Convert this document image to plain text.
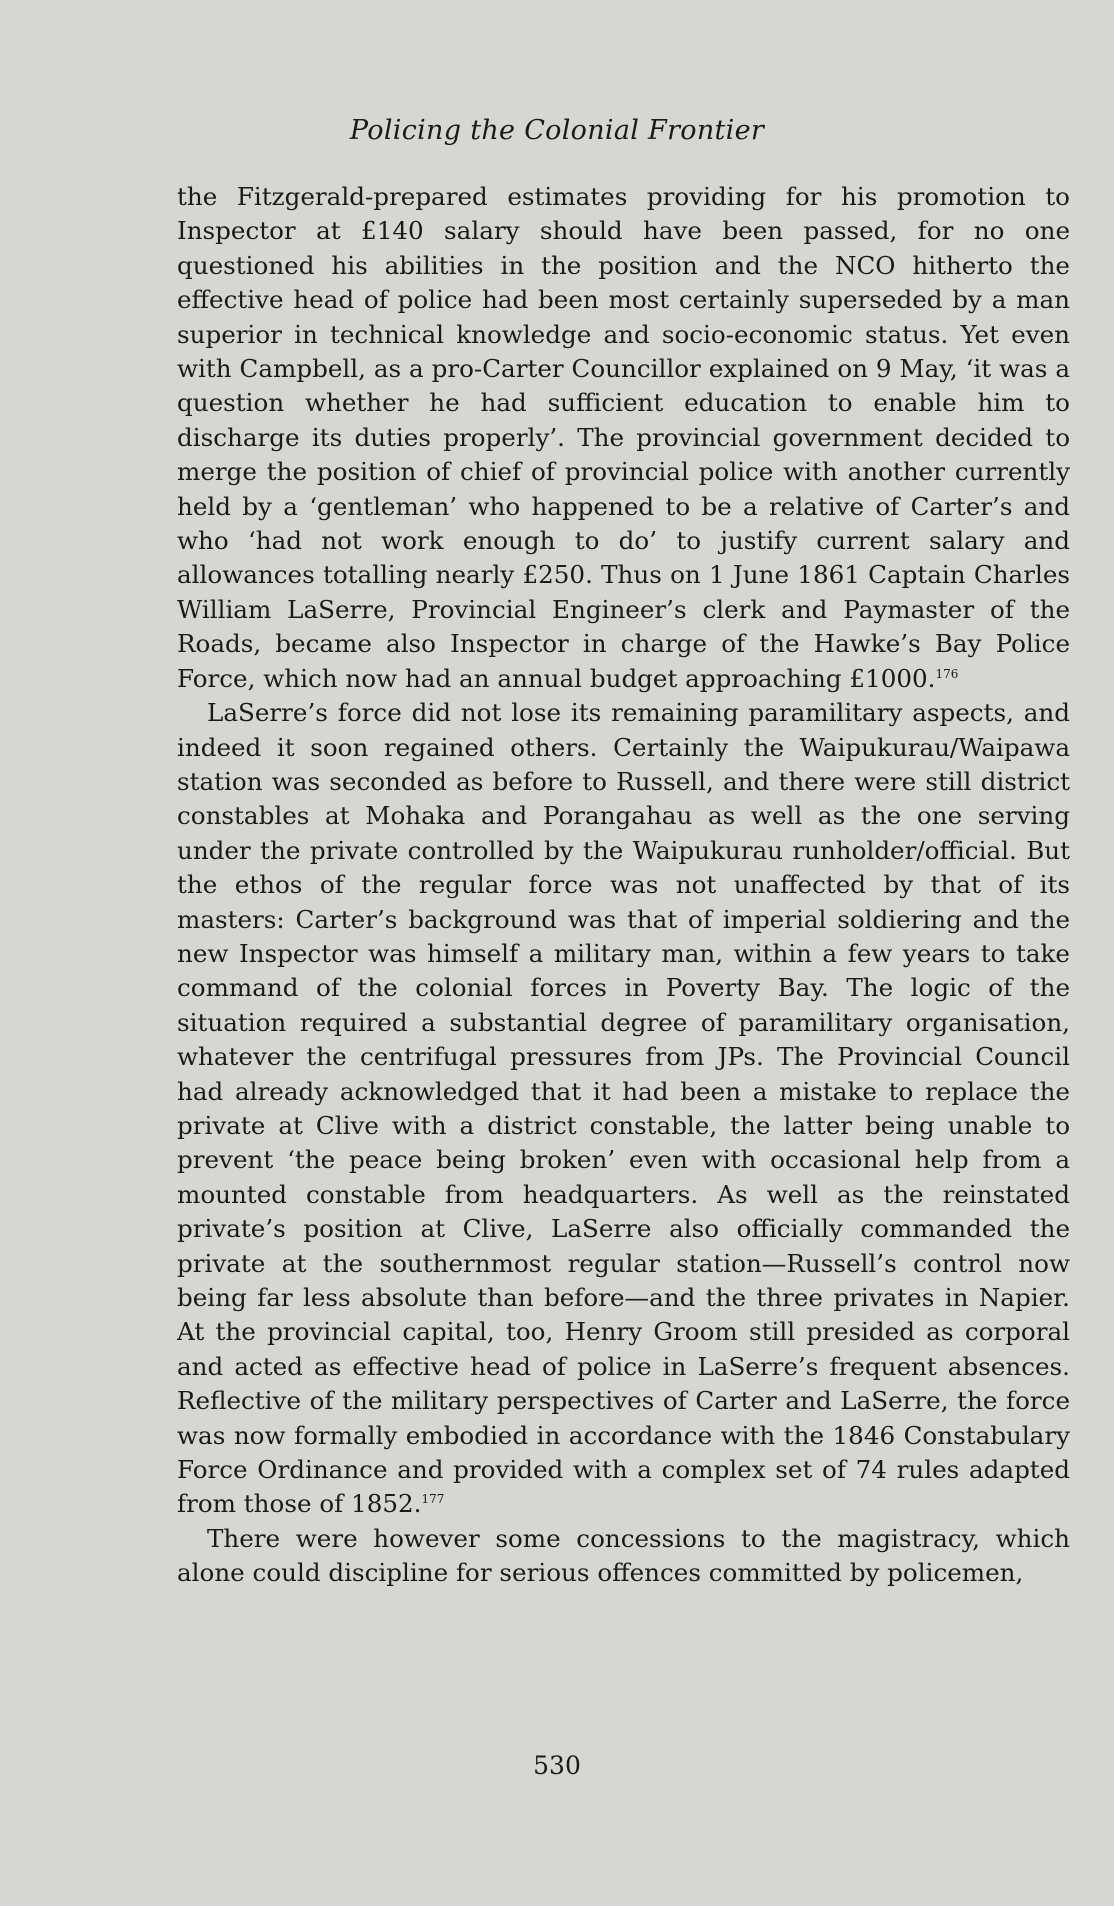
Policing the Colonial Frontier

the Fitzgerald-prepared estimates providing for his promotion to Inspector at £140 salary should have been passed, for no one questioned his abilities in the position and the NCO hitherto the effective head of police had been most certainly superseded by a man superior in technical knowledge and socio-economic status. Yet even with Campbell, as a pro-Carter Councillor explained on 9 May, ‘it was a question whether he had sufficient education to enable him to discharge its duties properly’. The provincial government decided to merge the position of chief of provincial police with another currently held by a ‘gentleman’ who happened to be a relative of Carter’s and who ‘had not work enough to do’ to justify current salary and allowances totalling nearly £250. Thus on 1 June 1861 Captain Charles William LaSerre, Provincial Engineer’s clerk and Paymaster of the Roads, became also Inspector in charge of the Hawke’s Bay Police Force, which now had an annual budget approaching £1000.$^{176}$

LaSerre’s force did not lose its remaining paramilitary aspects, and indeed it soon regained others. Certainly the Waipukurau/Waipawa station was seconded as before to Russell, and there were still district constables at Mohaka and Porangahau as well as the one serving under the private controlled by the Waipukurau runholder/official. But the ethos of the regular force was not unaffected by that of its masters: Carter’s background was that of imperial soldiering and the new Inspector was himself a military man, within a few years to take command of the colonial forces in Poverty Bay. The logic of the situation required a substantial degree of paramilitary organisation, whatever the centrifugal pressures from JPs. The Provincial Council had already acknowledged that it had been a mistake to replace the private at Clive with a district constable, the latter being unable to prevent ‘the peace being broken’ even with occasional help from a mounted constable from headquarters. As well as the reinstated private’s position at Clive, LaSerre also officially commanded the private at the southernmost regular station—Russell’s control now being far less absolute than before—and the three privates in Napier. At the provincial capital, too, Henry Groom still presided as corporal and acted as effective head of police in LaSerre’s frequent absences. Reflective of the military perspectives of Carter and LaSerre, the force was now formally embodied in accordance with the 1846 Constabulary Force Ordinance and provided with a complex set of 74 rules adapted from those of 1852.$^{177}$

There were however some concessions to the magistracy, which alone could discipline for serious offences committed by policemen,

530
